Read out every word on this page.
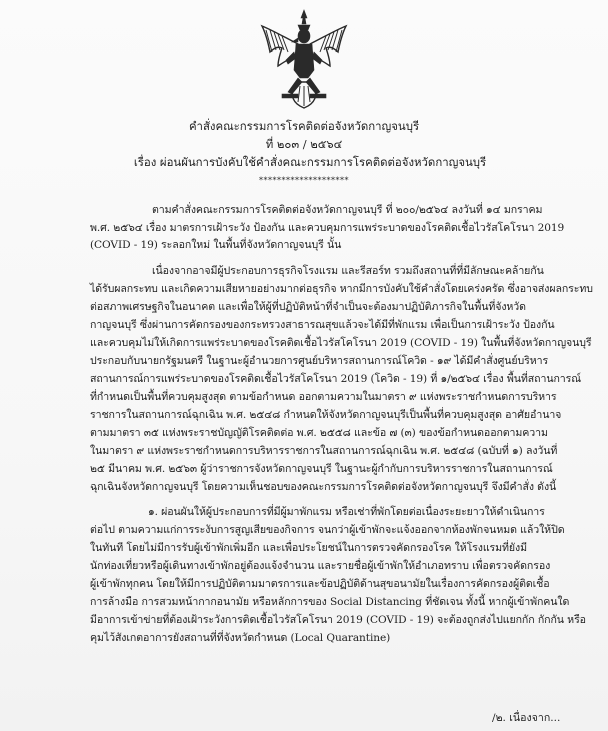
คำสั่งคณะกรรมการโรคติดต่อจังหวัดกาญจนบุรี
ที่ ๒๐๓ / ๒๕๖๔
เรื่อง ผ่อนผันการบังคับใช้คำสั่งคณะกรรมการโรคติดต่อจังหวัดกาญจนบุรี
********************
ตามคำสั่งคณะกรรมการโรคติดต่อจังหวัดกาญจนบุรี ที่ ๒๐๐/๒๕๖๔ ลงวันที่ ๑๔ มกราคม
พ.ศ. ๒๕๖๔ เรื่อง มาตรการเฝ้าระวัง ป้องกัน และควบคุมการแพร่ระบาดของโรคติดเชื้อไวรัสโคโรนา 2019
(COVID - 19) ระลอกใหม่ ในพื้นที่จังหวัดกาญจนบุรี นั้น
เนื่องจากอาจมีผู้ประกอบการธุรกิจโรงแรม และรีสอร์ท รวมถึงสถานที่ที่มีลักษณะคล้ายกัน
ได้รับผลกระทบ และเกิดความเสียหายอย่างมากต่อธุรกิจ หากมีการบังคับใช้คำสั่งโดยเคร่งครัด ซึ่งอาจส่งผลกระทบ
ต่อสภาพเศรษฐกิจในอนาคต และเพื่อให้ผู้ที่ปฏิบัติหน้าที่จำเป็นจะต้องมาปฏิบัติภารกิจในพื้นที่จังหวัด
กาญจนบุรี ซึ่งผ่านการคัดกรองของกระทรวงสาธารณสุขแล้วจะได้มีที่พักแรม เพื่อเป็นการเฝ้าระวัง ป้องกัน
และควบคุมไม่ให้เกิดการแพร่ระบาดของโรคติดเชื้อไวรัสโคโรนา 2019 (COVID - 19) ในพื้นที่จังหวัดกาญจนบุรี
ประกอบกับนายกรัฐมนตรี ในฐานะผู้อำนวยการศูนย์บริหารสถานการณ์โควิด - ๑๙ ได้มีคำสั่งศูนย์บริหาร
สถานการณ์การแพร่ระบาดของโรคติดเชื้อไวรัสโคโรนา 2019 (โควิด - 19) ที่ ๑/๒๕๖๔ เรื่อง พื้นที่สถานการณ์
ที่กำหนดเป็นพื้นที่ควบคุมสูงสุด ตามข้อกำหนด ออกตามความในมาตรา ๙ แห่งพระราชกำหนดการบริหาร
ราชการในสถานการณ์ฉุกเฉิน พ.ศ. ๒๕๔๘ กำหนดให้จังหวัดกาญจนบุรีเป็นพื้นที่ควบคุมสูงสุด อาศัยอำนาจ
ตามมาตรา ๓๕ แห่งพระราชบัญญัติโรคติดต่อ พ.ศ. ๒๕๕๘ และข้อ ๗ (๓) ของข้อกำหนดออกตามความ
ในมาตรา ๙ แห่งพระราชกำหนดการบริหารราชการในสถานการณ์ฉุกเฉิน พ.ศ. ๒๕๔๘ (ฉบับที่ ๑) ลงวันที่
๒๕ มีนาคม พ.ศ. ๒๕๖๓ ผู้ว่าราชการจังหวัดกาญจนบุรี ในฐานะผู้กำกับการบริหารราชการในสถานการณ์
ฉุกเฉินจังหวัดกาญจนบุรี โดยความเห็นชอบของคณะกรรมการโรคติดต่อจังหวัดกาญจนบุรี จึงมีคำสั่ง ดังนี้
๑. ผ่อนผันให้ผู้ประกอบการที่มีผู้มาพักแรม หรือเช่าที่พักโดยต่อเนื่องระยะยาวให้ดำเนินการ
ต่อไป ตามความแก่การระงับการสูญเสียของกิจการ จนกว่าผู้เข้าพักจะแจ้งออกจากห้องพักจนหมด แล้วให้ปิด
ในทันที โดยไม่มีการรับผู้เข้าพักเพิ่มอีก และเพื่อประโยชน์ในการตรวจคัดกรองโรค ให้โรงแรมที่ยังมี
นักท่องเที่ยวหรือผู้เดินทางเข้าพักอยู่ต้องแจ้งจำนวน และรายชื่อผู้เข้าพักให้อำเภอทราบ เพื่อตรวจคัดกรอง
ผู้เข้าพักทุกคน โดยให้มีการปฏิบัติตามมาตรการและข้อปฏิบัติด้านสุขอนามัยในเรื่องการคัดกรองผู้ติดเชื้อ
การล้างมือ การสวมหน้ากากอนามัย หรือหลักการของ Social Distancing ที่ชัดเจน ทั้งนี้ หากผู้เข้าพักคนใด
มีอาการเข้าข่ายที่ต้องเฝ้าระวังการติดเชื้อไวรัสโคโรนา 2019 (COVID - 19) จะต้องถูกส่งไปแยกกัก กักกัน หรือ
คุมไว้สังเกตอาการยังสถานที่ที่จังหวัดกำหนด (Local Quarantine)
/๒. เนื่องจาก...
